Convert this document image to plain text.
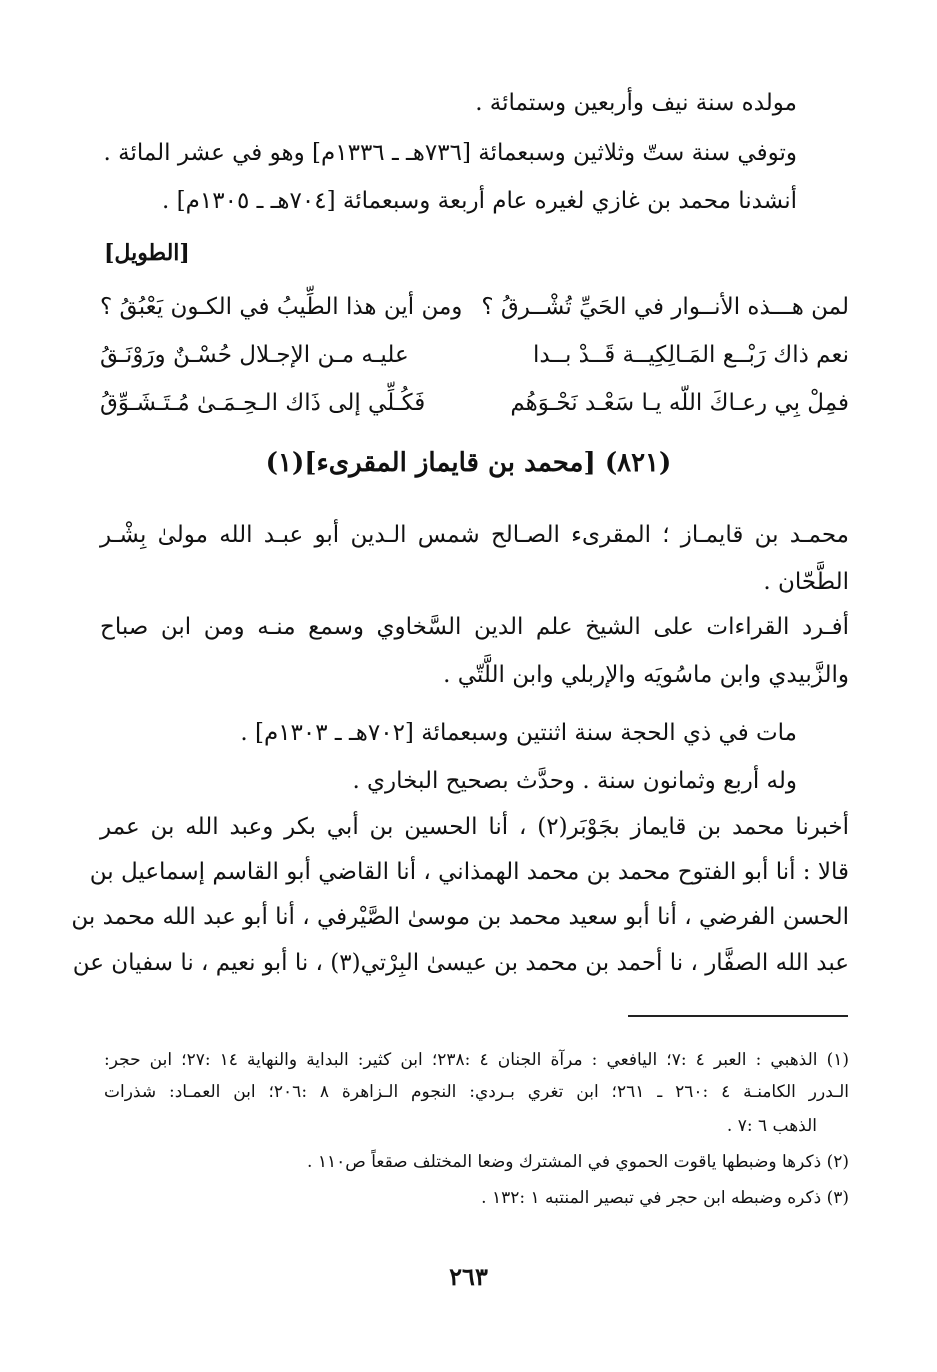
مولده سنة نيف وأربعين وستمائة .
وتوفي سنة ستّ وثلاثين وسبعمائة [٧٣٦هـ ـ ١٣٣٦م] وهو في عشر المائة .
أنشدنا محمد بن غازي لغيره عام أربعة وسبعمائة [٧٠٤هـ ـ ١٣٠٥م] .
[الطويل]
لمن هـــذه الأنــوار في الحَيِّ تُشْــرقُ ؟
ومن أين هذا الطِّيبُ في الكـون يَعْبُقُ ؟
نعم ذاك رَبْــع المَـالِكِيــة قَــدْ بــدا
عليـه مـن الإجـلال حُسْـنٌ ورَوْنَـقُ
فمِلْ بِي رعـاكَ اللّه يـا سَعْـد نَحْـوَهُم
فَكُـلِّي إلى ذَاك الـحِـمَـىٰ مُـتَـشَـوِّقُ
(٨٢١) [محمد بن قايماز المقرىء](١)
محمـد بن قايمـاز ؛ المقرىء الصـالح شمس الـدين أبو عبـد الله مولىٰ بِشْـر
الطَّحّان .
أفـرد القراءات على الشيخ علم الدين السَّخاوي وسمع منـه ومن ابن صباح
والزَّبيدي وابن ماسُويَه والإربلي وابن اللَّتّي .
مات في ذي الحجة سنة اثنتين وسبعمائة [٧٠٢هـ ـ ١٣٠٣م] .
وله أربع وثمانون سنة . وحدَّث بصحيح البخاري .
أخبرنا محمد بن قايماز بجَوْبَر(٢) ، أنا الحسين بن أبي بكر وعبد الله بن عمر
قالا : أنا أبو الفتوح محمد بن محمد الهمذاني ، أنا القاضي أبو القاسم إسماعيل بن
الحسن الفرضي ، أنا أبو سعيد محمد بن موسىٰ الصَّيْرفي ، أنا أبو عبد الله محمد بن
عبد الله الصفَّار ، نا أحمد بن محمد بن عيسىٰ البِرْتي(٣) ، نا أبو نعيم ، نا سفيان عن
(١) الذهبي : العبر ٤ :٧؛ اليافعي : مرآة الجنان ٤ :٢٣٨؛ ابن كثير: البداية والنهاية ١٤ :٢٧؛ ابن حجر:
الـدرر الكامنـة ٤ :٢٦٠ ـ ٢٦١؛ ابن تغري بـردي: النجوم الـزاهرة ٨ :٢٠٦؛ ابن العمـاد: شذرات
الذهب ٦ :٧ .
(٢) ذكرها وضبطها ياقوت الحموي في المشترك وضعا المختلف صقعاً ص١١٠ .
(٣) ذكره وضبطه ابن حجر في تبصير المنتبه ١ :١٣٢ .
٢٦٣
